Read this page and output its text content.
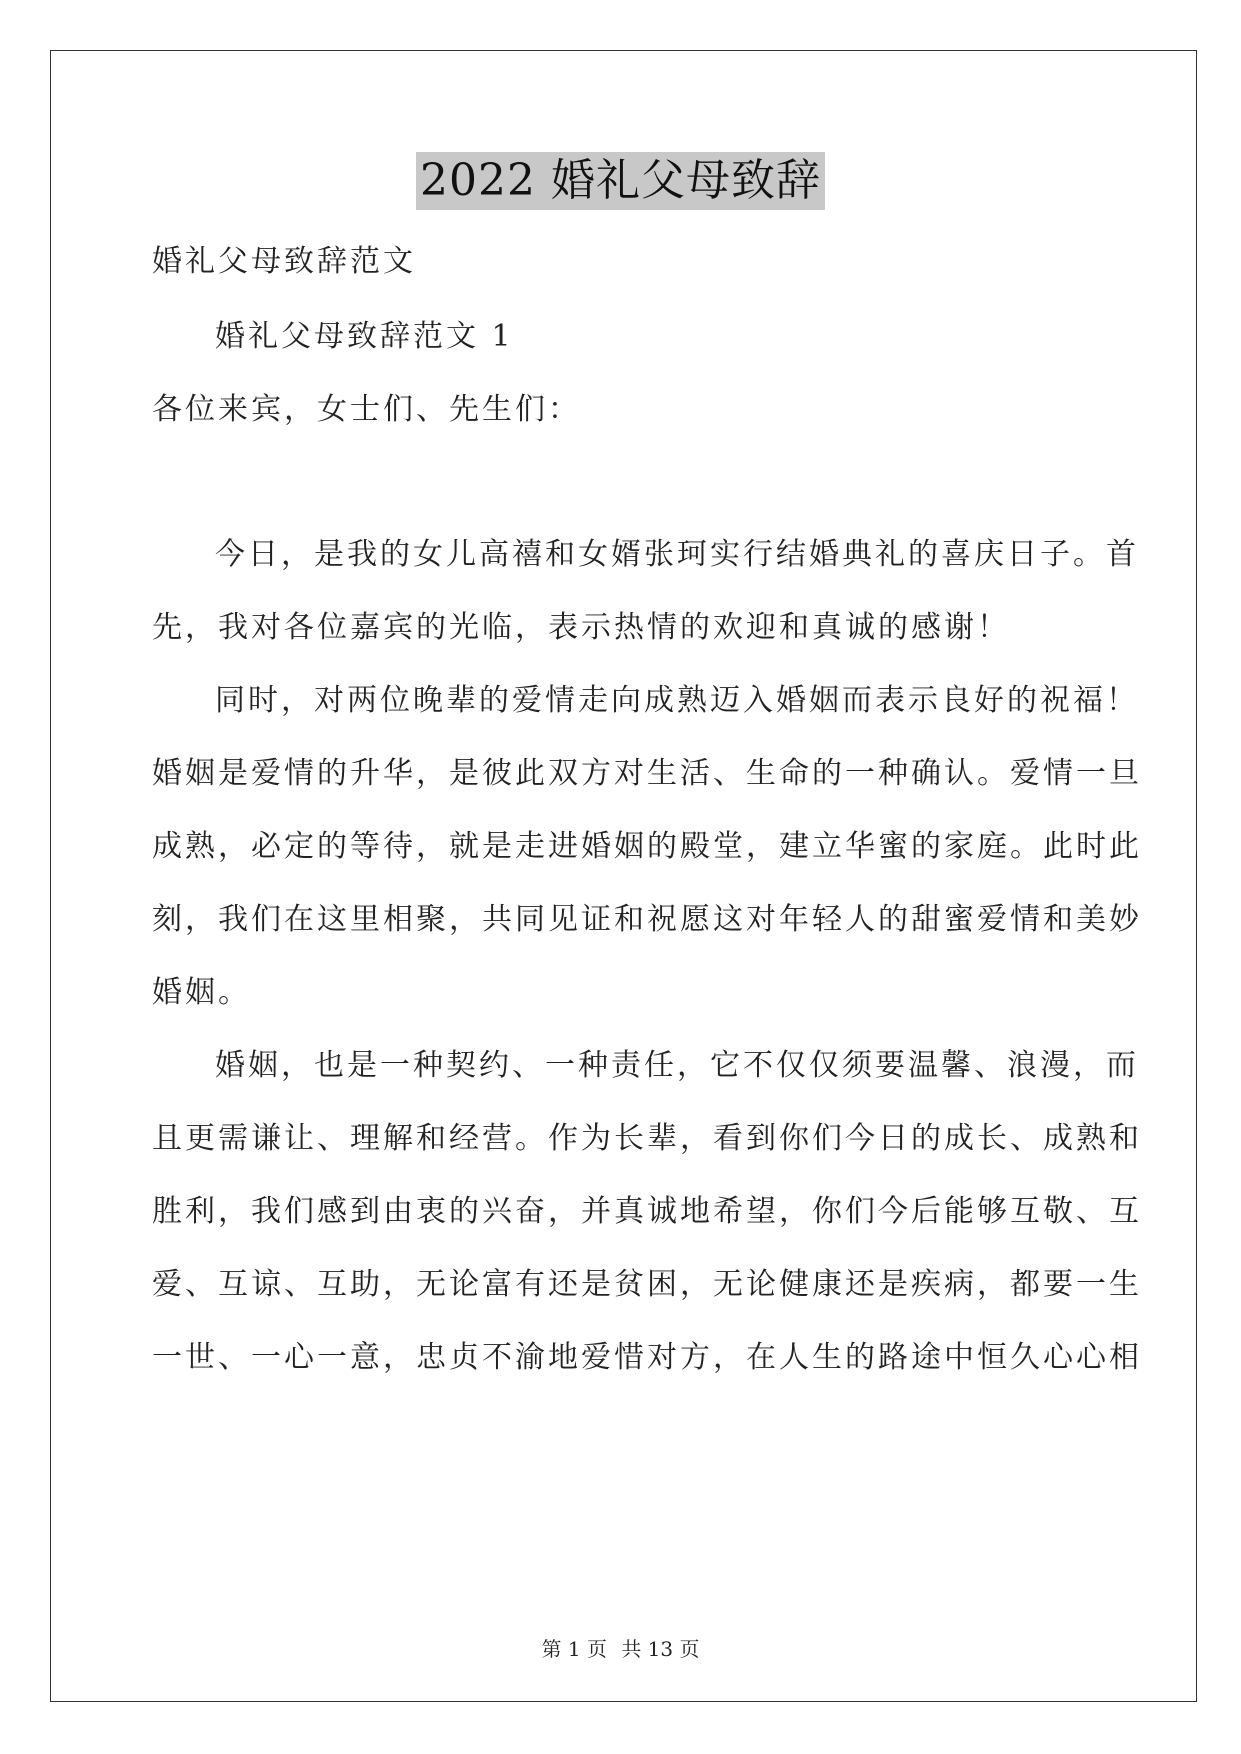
2022 婚礼父母致辞
婚礼父母致辞范文
婚礼父母致辞范文 1
各位来宾，女士们、先生们：
今日，是我的女儿高禧和女婿张珂实行结婚典礼的喜庆日子。首
先，我对各位嘉宾的光临，表示热情的欢迎和真诚的感谢！
同时，对两位晚辈的爱情走向成熟迈入婚姻而表示良好的祝福！
婚姻是爱情的升华，是彼此双方对生活、生命的一种确认。爱情一旦
成熟，必定的等待，就是走进婚姻的殿堂，建立华蜜的家庭。此时此
刻，我们在这里相聚，共同见证和祝愿这对年轻人的甜蜜爱情和美妙
婚姻。
婚姻，也是一种契约、一种责任，它不仅仅须要温馨、浪漫，而
且更需谦让、理解和经营。作为长辈，看到你们今日的成长、成熟和
胜利，我们感到由衷的兴奋，并真诚地希望，你们今后能够互敬、互
爱、互谅、互助，无论富有还是贫困，无论健康还是疾病，都要一生
一世、一心一意，忠贞不渝地爱惜对方，在人生的路途中恒久心心相
第 1 页 共 13 页
